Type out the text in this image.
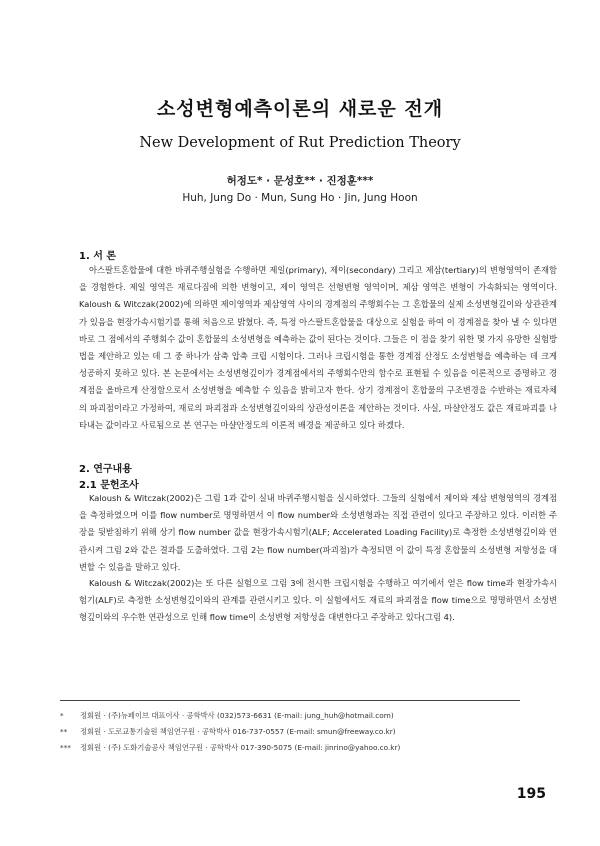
소성변형예측이론의 새로운 전개
New Development of Rut Prediction Theory
허정도* · 문성호** · 진정훈***
Huh, Jung Do · Mun, Sung Ho · Jin, Jung Hoon
1. 서 론

아스팔트혼합물에 대한 바퀴주행실험을 수행하면 제일(primary), 제이(secondary) 그리고 제삼(tertiary)의 변형영역이 존재함을 경험한다. 제일 영역은 재료다짐에 의한 변형이고, 제이 영역은 선형변형 영역이며, 제삼 영역은 변형이 가속화되는 영역이다. Kaloush & Witczak(2002)에 의하면 제이영역과 제삼영역 사이의 경계점의 주행회수는 그 혼합물의 실제 소성변형깊이와 상관관계가 있음을 현장가속시험기를 통해 처음으로 밝혔다. 즉, 특정 아스팔트혼합물을 대상으로 실험을 하여 이 경계점을 찾아 낼 수 있다면 바로 그 점에서의 주행회수 값이 혼합물의 소성변형을 예측하는 값이 된다는 것이다. 그들은 이 점을 찾기 위한 몇 가지 유망한 실험방법을 제안하고 있는 데 그 중 하나가 삼축 압축 크립 시험이다. 그러나 크립시험을 통한 경계점 산정도 소성변형을 예측하는 데 크게 성공하지 못하고 있다. 본 논문에서는 소성변형깊이가 경계점에서의 주행회수만의 함수로 표현될 수 있음을 이론적으로 증명하고 경계점을 올바르게 산정함으로서 소성변형을 예측할 수 있음을 밝히고자 한다. 상기 경계점이 혼합물의 구조변경을 수반하는 재료자체의 파괴점이라고 가정하여, 재료의 파괴점과 소성변형깊이와의 상관성이론을 제안하는 것이다. 사실, 마샬안정도 값은 재료파괴를 나타내는 값이라고 사료됨으로 본 연구는 마샬안정도의 이론적 배경을 제공하고 있다 하겠다.

2. 연구내용
2.1 문헌조사

Kaloush & Witczak(2002)은 그림 1과 같이 실내 바퀴주행시험을 실시하였다. 그들의 실험에서 제이와 제삼 변형영역의 경계점을 측정하였으며 이를 flow number로 명명하면서 이 flow number와 소성변형과는 직접 관련이 있다고 주장하고 있다. 이러한 주장을 뒷받침하기 위해 상기 flow number 값을 현장가속시험기(ALF; Accelerated Loading Facility)로 측정한 소성변형깊이와 연관시켜 그림 2와 같은 결과를 도출하였다. 그림 2는 flow number(파괴점)가 측정되면 이 값이 특정 혼합물의 소성변형 저항성을 대변할 수 있음을 말하고 있다.

Kaloush & Witczak(2002)는 또 다른 실험으로 그림 3에 전시한 크립시험을 수행하고 여기에서 얻은 flow time과 현장가속시험기(ALF)로 측정한 소성변형깊이와의 관계를 관련시키고 있다. 이 실험에서도 재료의 파괴점을 flow time으로 명명하면서 소성변형깊이와의 우수한 연관성으로 인해 flow time이 소성변형 저항성을 대변한다고 주장하고 있다(그림 4).

* 정회원 · (주)뉴페이브 대표이사 · 공학박사 (032)573-6631 (E-mail: jung_huh@hotmail.com)
** 정회원 · 도로교통기술원 책임연구원 · 공학박사 016-737-0557 (E-mail: smun@freeway.co.kr)
*** 정회원 · (주) 도화기술공사 책임연구원 · 공학박사 017-390-5075 (E-mail: jinrino@yahoo.co.kr)
195
